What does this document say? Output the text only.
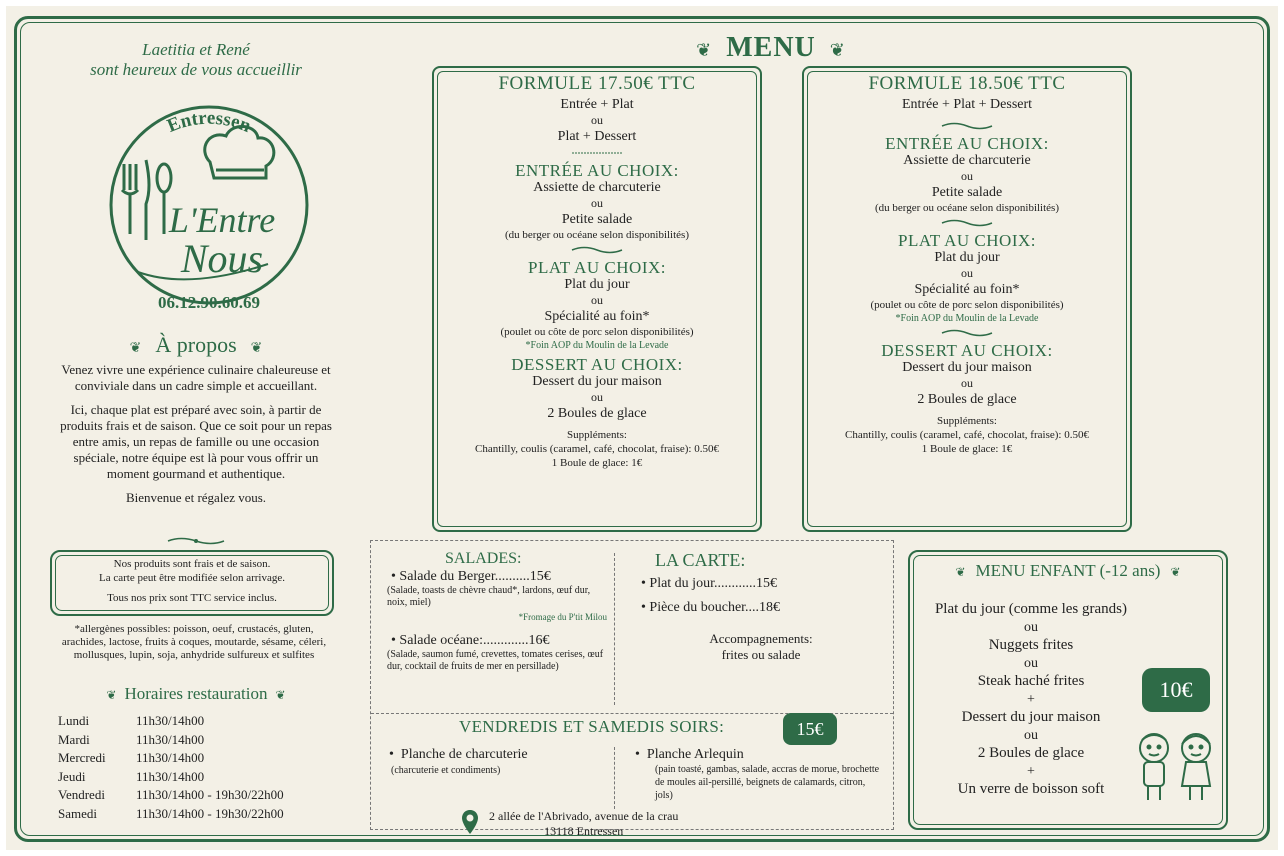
Laetitia et René
sont heureux de vous accueillir
Entressen
L'Entre
Nous
06.12.90.60.69
❦ À propos ❦

Venez vivre une expérience culinaire chaleureuse et conviviale dans un cadre simple et accueillant.

Ici, chaque plat est préparé avec soin, à partir de produits frais et de saison. Que ce soit pour un repas entre amis, un repas de famille ou une occasion spéciale, notre équipe est là pour vous offrir un moment gourmand et authentique.

Bienvenue et régalez vous.

Nos produits sont frais et de saison.
La carte peut être modifiée selon arrivage.
Tous nos prix sont TTC service inclus.
*allergènes possibles: poisson, oeuf, crustacés, gluten, arachides, lactose, fruits à coques, moutarde, sésame, céleri, mollusques, lupin, soja, anhydride sulfureux et sulfites
❦ Horaires restauration ❦
Lundi	11h30/14h00
Mardi	11h30/14h00
Mercredi	11h30/14h00
Jeudi	11h30/14h00
Vendredi	11h30/14h00 - 19h30/22h00
Samedi	11h30/14h00 - 19h30/22h00
❦ MENU ❦
FORMULE 17.50€ TTC
Entrée + Plat
ou
Plat + Dessert
ENTRÉE AU CHOIX:
Assiette de charcuterie
ou
Petite salade
(du berger ou océane selon disponibilités)
PLAT AU CHOIX:
Plat du jour
ou
Spécialité au foin*
(poulet ou côte de porc selon disponibilités)
*Foin AOP du Moulin de la Levade
DESSERT AU CHOIX:
Dessert du jour maison
ou
2 Boules de glace
Suppléments:
Chantilly, coulis (caramel, café, chocolat, fraise): 0.50€
1 Boule de glace: 1€
FORMULE 18.50€ TTC
Entrée + Plat + Dessert
ENTRÉE AU CHOIX:
Assiette de charcuterie
ou
Petite salade
(du berger ou océane selon disponibilités)
PLAT AU CHOIX:
Plat du jour
ou
Spécialité au foin*
(poulet ou côte de porc selon disponibilités)
*Foin AOP du Moulin de la Levade
DESSERT AU CHOIX:
Dessert du jour maison
ou
2 Boules de glace
Suppléments:
Chantilly, coulis (caramel, café, chocolat, fraise): 0.50€
1 Boule de glace: 1€
SALADES:
• Salade du Berger..........15€
(Salade, toasts de chèvre chaud*, lardons, œuf dur, noix, miel)
*Fromage du P'tit Milou
• Salade océane:.............16€
(Salade, saumon fumé, crevettes, tomates cerises, œuf dur, cocktail de fruits de mer en persillade)
LA CARTE:
• Plat du jour............15€
• Pièce du boucher....18€
Accompagnements:
frites ou salade
VENDREDIS ET SAMEDIS SOIRS:	15€
•  Planche de charcuterie
(charcuterie et condiments)
•  Planche Arlequin
(pain toasté, gambas, salade, accras de morue, brochette de moules ail-persillé, beignets de calamards, citron, jols)
2 allée de l'Abrivado, avenue de la crau
13118 Entressen
❦ MENU ENFANT (-12 ans) ❦
Plat du jour (comme les grands)
ou
Nuggets frites
ou
Steak haché frites
+
Dessert du jour maison
ou
2 Boules de glace
+
Un verre de boisson soft
10€
